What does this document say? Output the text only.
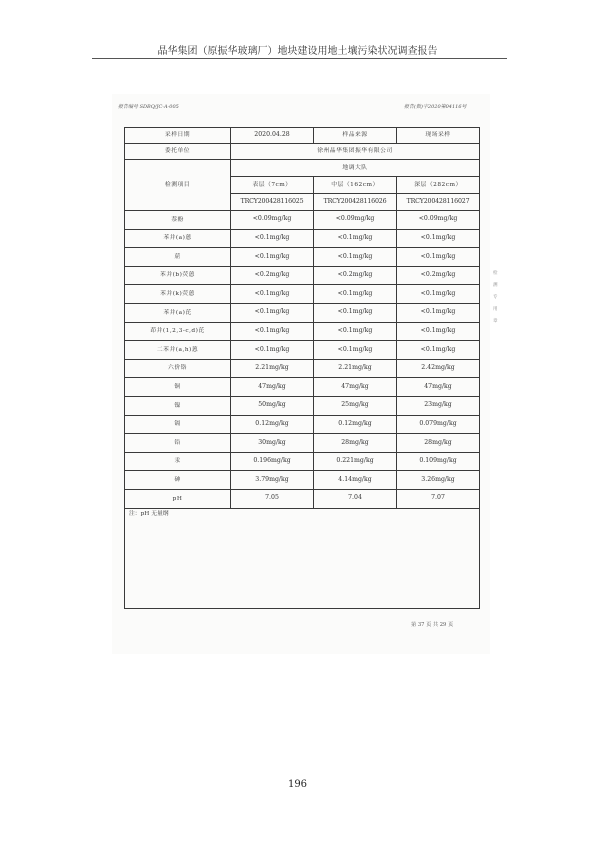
晶华集团（原振华玻璃厂）地块建设用地土壤污染状况调查报告
报告编号 SDBQ/JC-A-005	报告(数)字2020第04116号
采样日期	2020.04.28	样品来源	现场采样
委托单位	徐州晶华集团振华有限公司		
检测项目	地调大队		
	表层（7cm）	中层（162cm）	深层（282cm）
	TRCY200428116025	TRCY200428116026	TRCY200428116027
萘酚	<0.09mg/kg	<0.09mg/kg	<0.09mg/kg
苯并(a)蒽	<0.1mg/kg	<0.1mg/kg	<0.1mg/kg
䓛	<0.1mg/kg	<0.1mg/kg	<0.1mg/kg
苯并(b)荧蒽	<0.2mg/kg	<0.2mg/kg	<0.2mg/kg
苯并(k)荧蒽	<0.1mg/kg	<0.1mg/kg	<0.1mg/kg
苯并(a)芘	<0.1mg/kg	<0.1mg/kg	<0.1mg/kg
茚并(1,2,3-c,d)芘	<0.1mg/kg	<0.1mg/kg	<0.1mg/kg
二苯并(a,h)蒽	<0.1mg/kg	<0.1mg/kg	<0.1mg/kg
六价铬	2.21mg/kg	2.21mg/kg	2.42mg/kg
铜	47mg/kg	47mg/kg	47mg/kg
镍	50mg/kg	25mg/kg	23mg/kg
镉	0.12mg/kg	0.12mg/kg	0.079mg/kg
铅	30mg/kg	28mg/kg	28mg/kg
汞	0.196mg/kg	0.221mg/kg	0.109mg/kg
砷	3.79mg/kg	4.14mg/kg	3.26mg/kg
pH	7.05	7.04	7.07
注：pH 无量纲			
第 37 页 共 29 页
检
测
专
用
章
196
